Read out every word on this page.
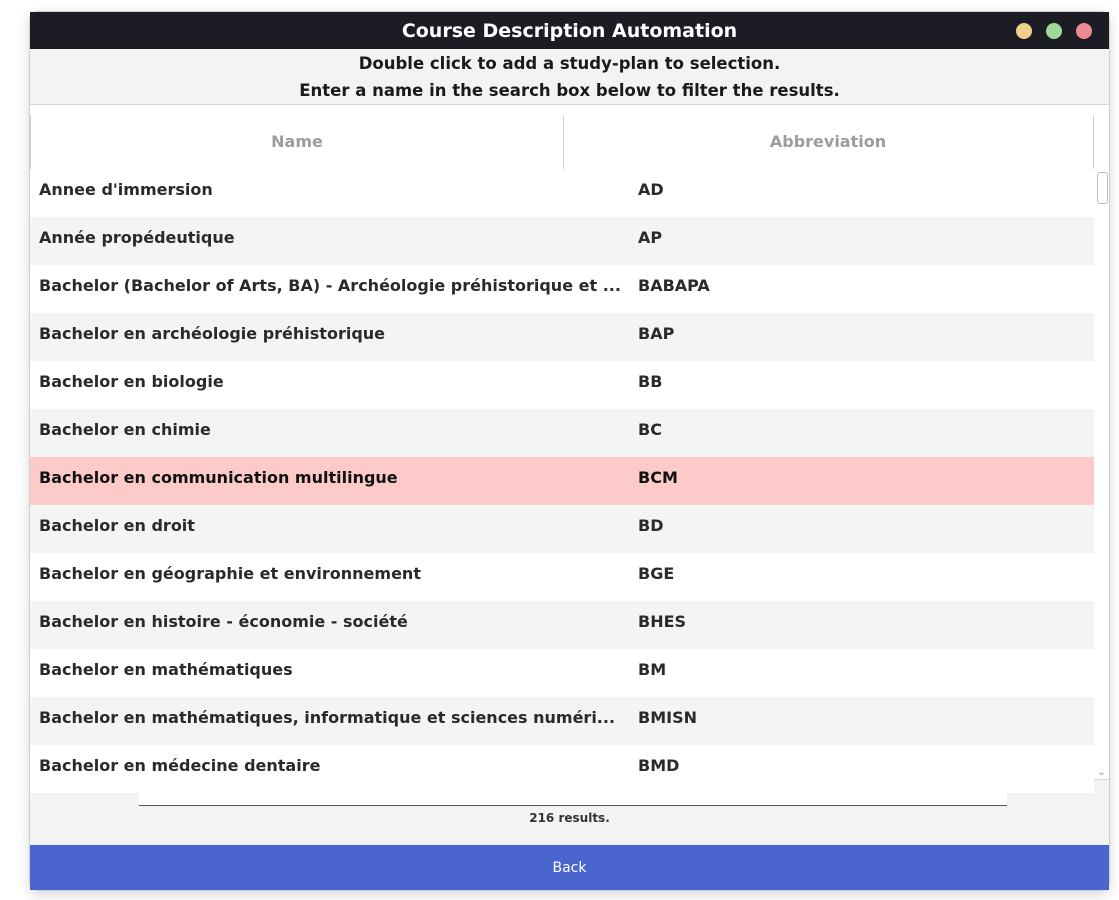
Course Description Automation
Double click to add a study-plan to selection.
Enter a name in the search box below to filter the results.
Name	Abbreviation
Annee d'immersion	AD
Année propédeutique	AP
Bachelor (Bachelor of Arts, BA) - Archéologie préhistorique et ... BABAPA
Bachelor en archéologie préhistorique	BAP
Bachelor en biologie	BB
Bachelor en chimie	BC
Bachelor en communication multilingue	BCM
Bachelor en droit	BD
Bachelor en géographie et environnement	BGE
Bachelor en histoire - économie - société	BHES
Bachelor en mathématiques	BM
Bachelor en mathématiques, informatique et sciences numéri... BMISN
Bachelor en médecine dentaire	BMD	⌄
216 results.
Back
